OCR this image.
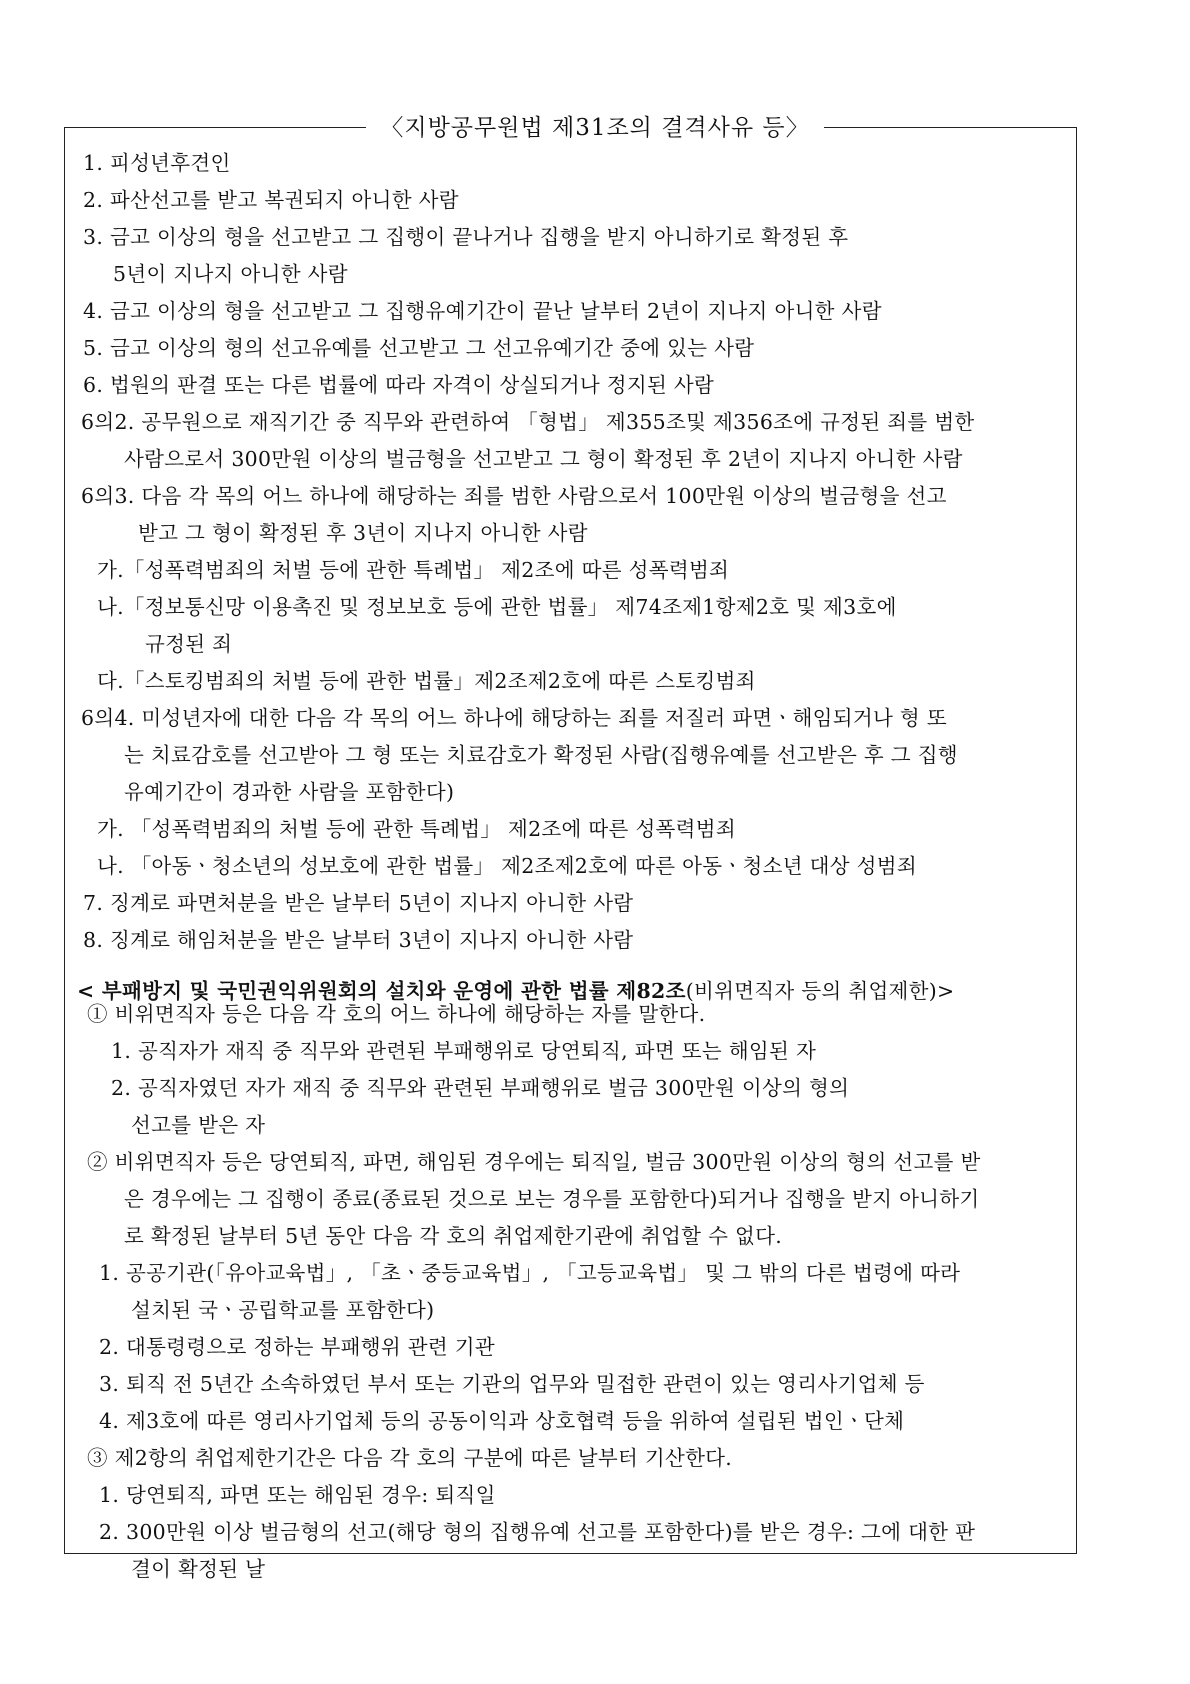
〈지방공무원법 제31조의 결격사유 등〉
1. 피성년후견인
2. 파산선고를 받고 복권되지 아니한 사람
3. 금고 이상의 형을 선고받고 그 집행이 끝나거나 집행을 받지 아니하기로 확정된 후
5년이 지나지 아니한 사람
4. 금고 이상의 형을 선고받고 그 집행유예기간이 끝난 날부터 2년이 지나지 아니한 사람
5. 금고 이상의 형의 선고유예를 선고받고 그 선고유예기간 중에 있는 사람
6. 법원의 판결 또는 다른 법률에 따라 자격이 상실되거나 정지된 사람
6의2. 공무원으로 재직기간 중 직무와 관련하여 「형법」 제355조및 제356조에 규정된 죄를 범한
사람으로서 300만원 이상의 벌금형을 선고받고 그 형이 확정된 후 2년이 지나지 아니한 사람
6의3. 다음 각 목의 어느 하나에 해당하는 죄를 범한 사람으로서 100만원 이상의 벌금형을 선고
받고 그 형이 확정된 후 3년이 지나지 아니한 사람
가.「성폭력범죄의 처벌 등에 관한 특례법」 제2조에 따른 성폭력범죄
나.「정보통신망 이용촉진 및 정보보호 등에 관한 법률」 제74조제1항제2호 및 제3호에
규정된 죄
다.「스토킹범죄의 처벌 등에 관한 법률」제2조제2호에 따른 스토킹범죄
6의4. 미성년자에 대한 다음 각 목의 어느 하나에 해당하는 죄를 저질러 파면ㆍ해임되거나 형 또
는 치료감호를 선고받아 그 형 또는 치료감호가 확정된 사람(집행유예를 선고받은 후 그 집행
유예기간이 경과한 사람을 포함한다)
가. 「성폭력범죄의 처벌 등에 관한 특례법」 제2조에 따른 성폭력범죄
나. 「아동ㆍ청소년의 성보호에 관한 법률」 제2조제2호에 따른 아동ㆍ청소년 대상 성범죄
7. 징계로 파면처분을 받은 날부터 5년이 지나지 아니한 사람
8. 징계로 해임처분을 받은 날부터 3년이 지나지 아니한 사람
① 비위면직자 등은 다음 각 호의 어느 하나에 해당하는 자를 말한다.
1. 공직자가 재직 중 직무와 관련된 부패행위로 당연퇴직, 파면 또는 해임된 자
2. 공직자였던 자가 재직 중 직무와 관련된 부패행위로 벌금 300만원 이상의 형의
선고를 받은 자
② 비위면직자 등은 당연퇴직, 파면, 해임된 경우에는 퇴직일, 벌금 300만원 이상의 형의 선고를 받
은 경우에는 그 집행이 종료(종료된 것으로 보는 경우를 포함한다)되거나 집행을 받지 아니하기
로 확정된 날부터 5년 동안 다음 각 호의 취업제한기관에 취업할 수 없다.
1. 공공기관(「유아교육법」, 「초ㆍ중등교육법」, 「고등교육법」 및 그 밖의 다른 법령에 따라
설치된 국ㆍ공립학교를 포함한다)
2. 대통령령으로 정하는 부패행위 관련 기관
3. 퇴직 전 5년간 소속하였던 부서 또는 기관의 업무와 밀접한 관련이 있는 영리사기업체 등
4. 제3호에 따른 영리사기업체 등의 공동이익과 상호협력 등을 위하여 설립된 법인ㆍ단체
③ 제2항의 취업제한기간은 다음 각 호의 구분에 따른 날부터 기산한다.
1. 당연퇴직, 파면 또는 해임된 경우: 퇴직일
2. 300만원 이상 벌금형의 선고(해당 형의 집행유예 선고를 포함한다)를 받은 경우: 그에 대한 판
결이 확정된 날
< 부패방지 및 국민권익위원회의 설치와 운영에 관한 법률 제82조(비위면직자 등의 취업제한)>
